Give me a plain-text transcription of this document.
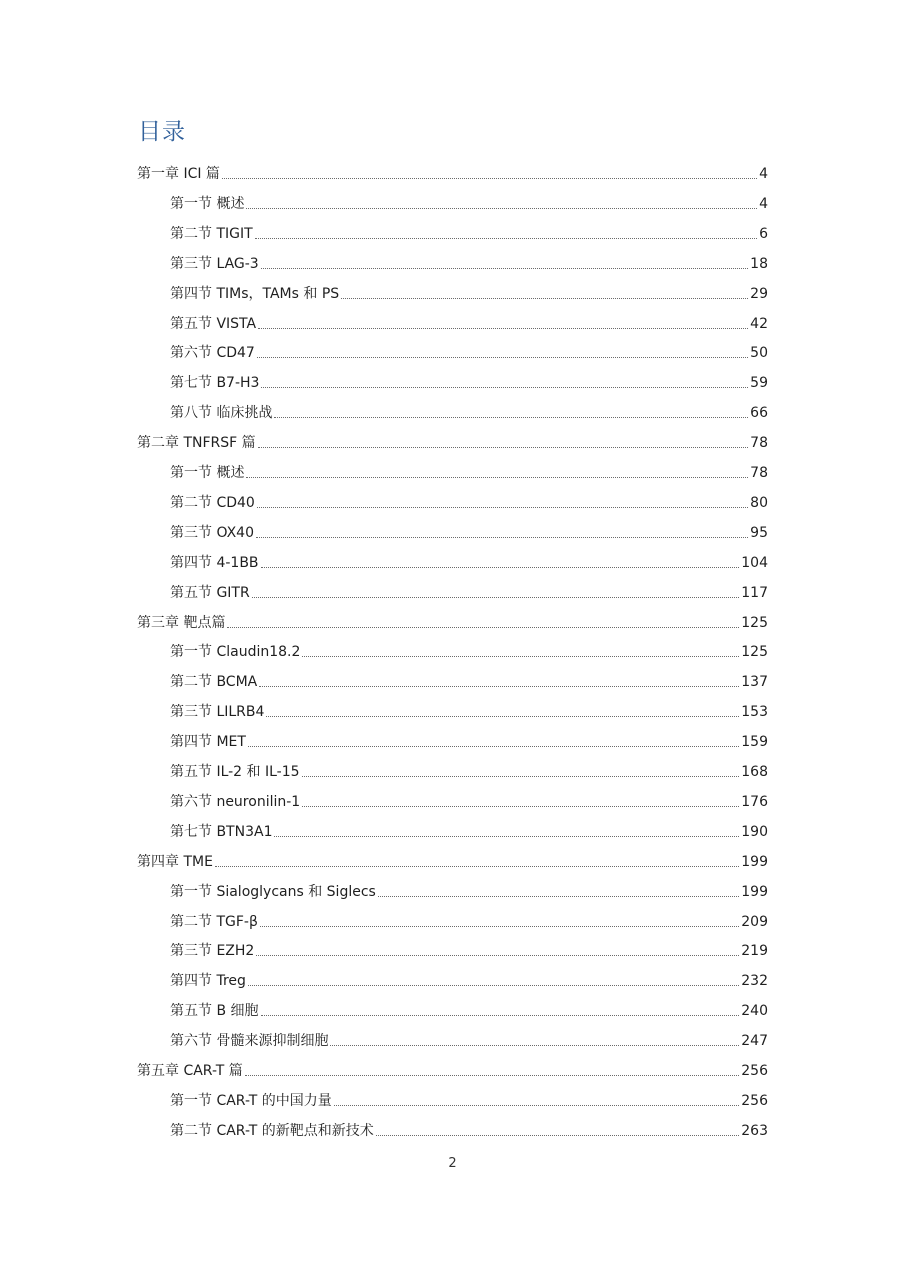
目录
第一章 ICI 篇	4
第一节 概述	4
第二节 TIGIT	6
第三节 LAG-3	18
第四节 TIMs，TAMs 和 PS	29
第五节 VISTA	42
第六节 CD47	50
第七节 B7-H3	59
第八节 临床挑战	66
第二章 TNFRSF 篇	78
第一节 概述	78
第二节 CD40	80
第三节 OX40	95
第四节 4-1BB	104
第五节 GITR	117
第三章 靶点篇	125
第一节 Claudin18.2	125
第二节 BCMA	137
第三节 LILRB4	153
第四节 MET	159
第五节 IL-2 和 IL-15	168
第六节 neuronilin-1	176
第七节 BTN3A1	190
第四章 TME	199
第一节 Sialoglycans 和 Siglecs	199
第二节 TGF-β	209
第三节 EZH2	219
第四节 Treg	232
第五节 B 细胞	240
第六节 骨髓来源抑制细胞	247
第五章 CAR-T 篇	256
第一节 CAR-T 的中国力量	256
第二节 CAR-T 的新靶点和新技术	263
2
